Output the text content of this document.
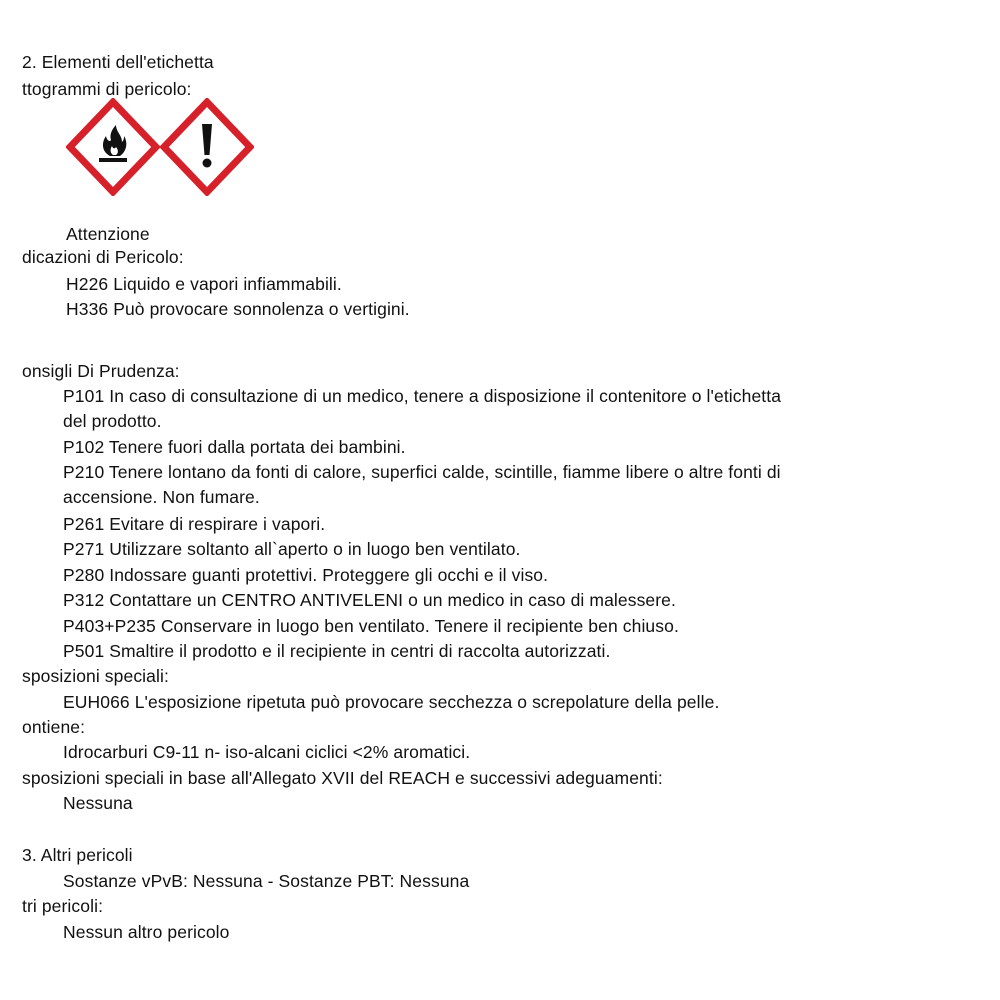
2. Elementi dell'etichetta
ttogrammi di pericolo:
Attenzione
dicazioni di Pericolo:
H226 Liquido e vapori infiammabili.
H336 Può provocare sonnolenza o vertigini.
onsigli Di Prudenza:
P101 In caso di consultazione di un medico, tenere a disposizione il contenitore o l'etichetta
del prodotto.
P102 Tenere fuori dalla portata dei bambini.
P210 Tenere lontano da fonti di calore, superfici calde, scintille, fiamme libere o altre fonti di
accensione. Non fumare.
P261 Evitare di respirare i vapori.
P271 Utilizzare soltanto all`aperto o in luogo ben ventilato.
P280 Indossare guanti protettivi. Proteggere gli occhi e il viso.
P312 Contattare un CENTRO ANTIVELENI o un medico in caso di malessere.
P403+P235 Conservare in luogo ben ventilato. Tenere il recipiente ben chiuso.
P501 Smaltire il prodotto e il recipiente in centri di raccolta autorizzati.
sposizioni speciali:
EUH066 L'esposizione ripetuta può provocare secchezza o screpolature della pelle.
ontiene:
Idrocarburi C9-11 n- iso-alcani ciclici <2% aromatici.
sposizioni speciali in base all'Allegato XVII del REACH e successivi adeguamenti:
Nessuna
3. Altri pericoli
Sostanze vPvB: Nessuna - Sostanze PBT: Nessuna
tri pericoli:
Nessun altro pericolo
